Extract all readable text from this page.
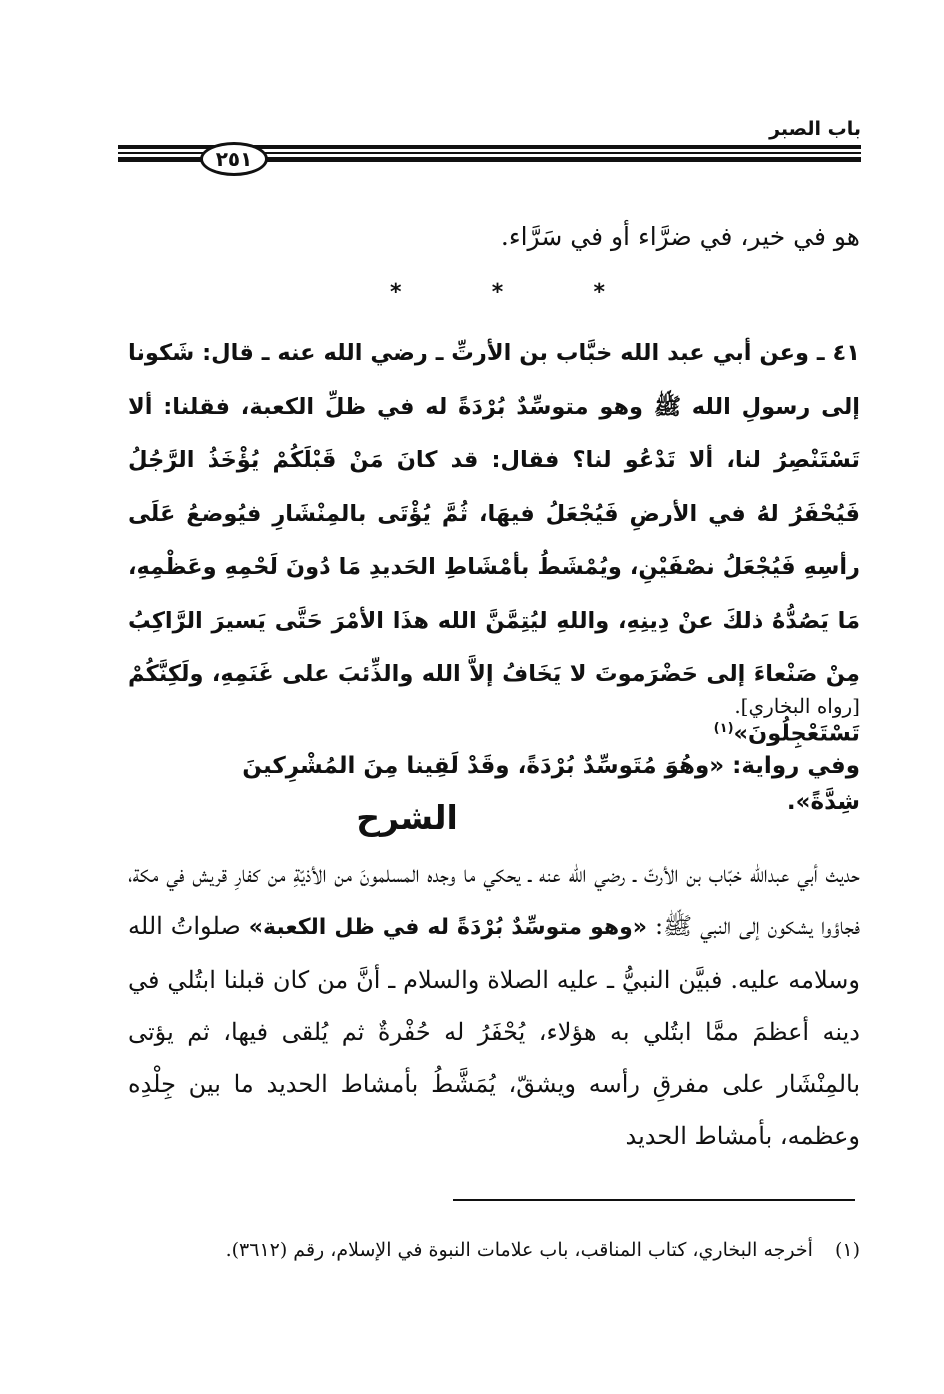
باب الصبر
٢٥١
هو في خير، في ضرَّاء أو في سَرَّاء.
*
*
*
٤١ ـ وعن أبي عبد الله خبَّاب بن الأرتِّ ـ رضي الله عنه ـ قال: شَكونا إلى رسولِ الله ﷺ وهو متوسِّدٌ بُرْدَةً له في ظلِّ الكعبة، فقلنا: ألا تَسْتَنْصِرُ لنا، ألا تَدْعُو لنا؟ فقال: قد كانَ مَنْ قَبْلَكُمْ يُؤْخَذُ الرَّجُلُ فَيُحْفَرُ لهُ في الأرضِ فَيُجْعَلُ فيهَا، ثُمَّ يُؤْتَى بالمِنْشَارِ فيُوضعُ عَلَى رأسِهِ فَيُجْعَلُ نصْفَيْنِ، ويُمْشَطُ بأمْشَاطِ الحَديدِ مَا دُونَ لَحْمِهِ وعَظْمِهِ، مَا يَصُدُّهُ ذلكَ عنْ دِينِهِ، واللهِ ليُتِمَّنَّ الله هذَا الأمْرَ حَتَّى يَسيرَ الرَّاكِبُ مِنْ صَنْعاءَ إلى حَضْرَموتَ لا يَخَافُ إلاَّ الله والذِّئبَ على غَنَمِهِ، ولَكِنَّكُمْ تَسْتَعْجِلُونَ»$^{(١)}$
[رواه البخاري].
وفي رواية: «وهُوَ مُتَوسِّدٌ بُرْدَةً، وقَدْ لَقِينا مِنَ المُشْرِكينَ شِدَّةً».
الشرح
حديث أبي عبدالله خبّاب بن الأرتّ ـ رضي الله عنه ـ يحكي ما وجده المسلمونَ من الأذيّةِ من كفارِ قريش في مكة، فجاؤوا يشكون إلى النبي ﷺ: «وهو متوسِّدٌ بُرْدَةً له في ظل الكعبة» صلواتُ الله وسلامه عليه. فبيَّن النبيُّ ـ عليه الصلاة والسلام ـ أنَّ من كان قبلنا ابتُلي في دينه أعظمَ ممَّا ابتُلي به هؤلاء، يُحْفَرُ له حُفْرةٌ ثم يُلقى فيها، ثم يؤتى بالمِنْشَار على مفرقِ رأسه ويشقّ، يُمَشَّطُ بأمشاط الحديد ما بين جِلْدِه وعظمه، بأمشاط الحديد
(١)أخرجه البخاري، كتاب المناقب، باب علامات النبوة في الإسلام، رقم (٣٦١٢).
